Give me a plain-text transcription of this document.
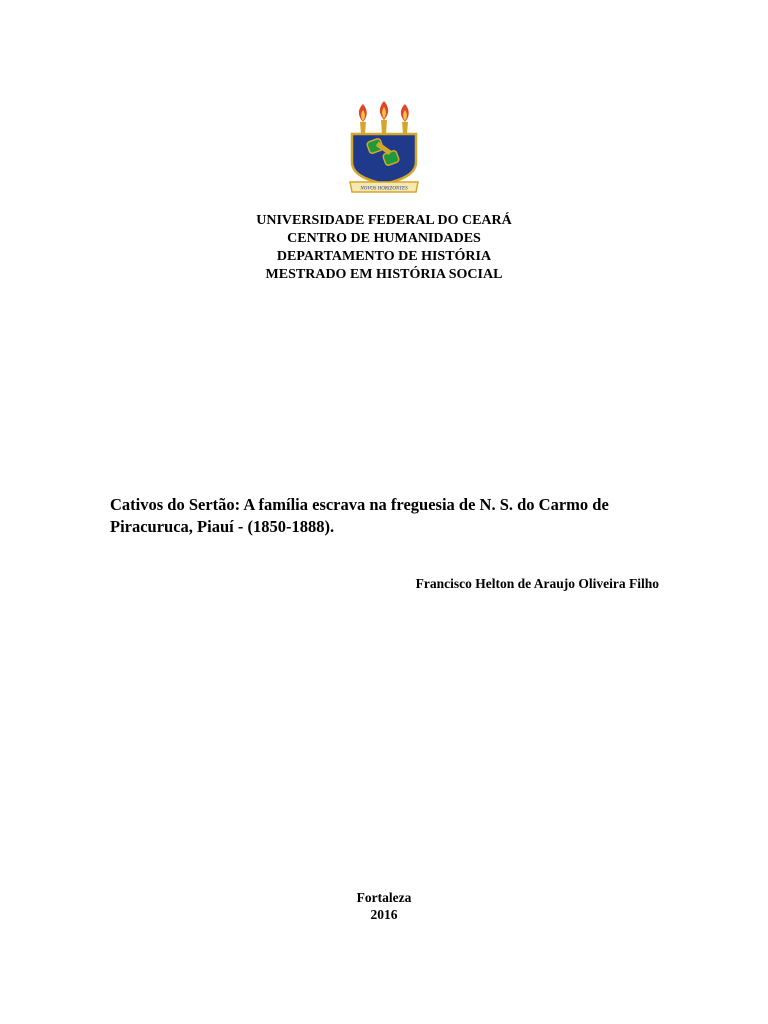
NOVOS HORIZONTES
UNIVERSIDADE FEDERAL DO CEARÁ
CENTRO DE HUMANIDADES
DEPARTAMENTO DE HISTÓRIA
MESTRADO EM HISTÓRIA SOCIAL
Cativos do Sertão: A família escrava na freguesia de N. S. do Carmo de
Piracuruca, Piauí - (1850-1888).
Francisco Helton de Araujo Oliveira Filho
Fortaleza
2016
